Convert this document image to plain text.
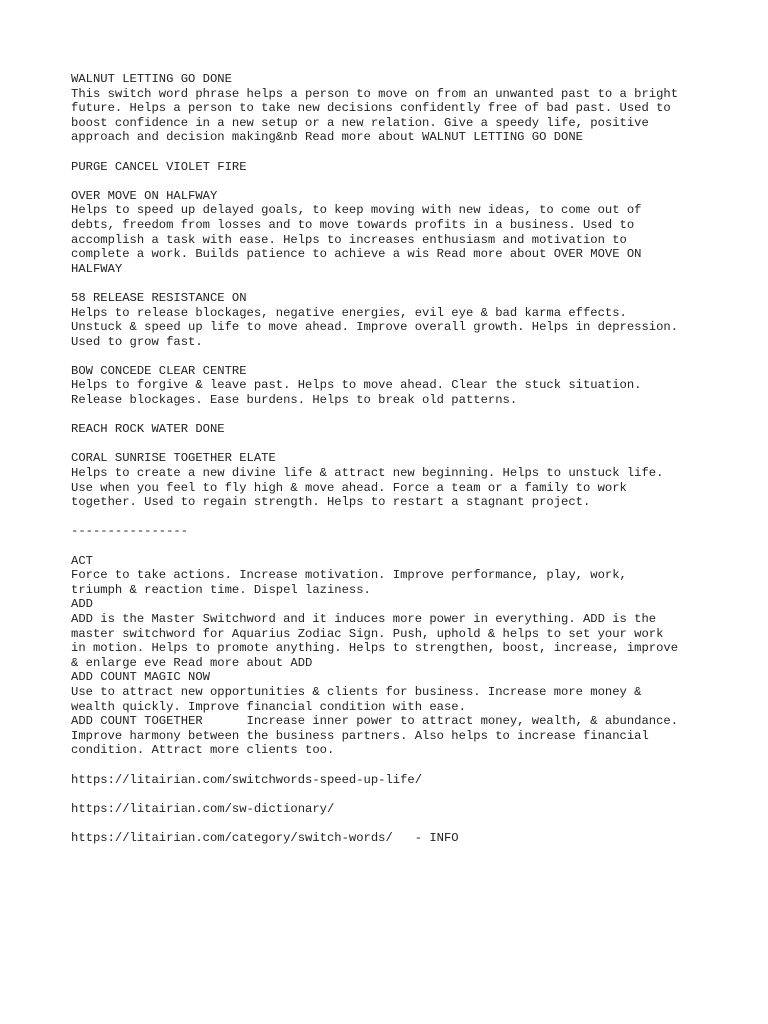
WALNUT LETTING GO DONE
This switch word phrase helps a person to move on from an unwanted past to a bright
future. Helps a person to take new decisions confidently free of bad past. Used to
boost confidence in a new setup or a new relation. Give a speedy life, positive
approach and decision making&nb Read more about WALNUT LETTING GO DONE
PURGE CANCEL VIOLET FIRE
OVER MOVE ON HALFWAY
Helps to speed up delayed goals, to keep moving with new ideas, to come out of
debts, freedom from losses and to move towards profits in a business. Used to
accomplish a task with ease. Helps to increases enthusiasm and motivation to
complete a work. Builds patience to achieve a wis Read more about OVER MOVE ON
HALFWAY
58 RELEASE RESISTANCE ON
Helps to release blockages, negative energies, evil eye & bad karma effects.
Unstuck & speed up life to move ahead. Improve overall growth. Helps in depression.
Used to grow fast.
BOW CONCEDE CLEAR CENTRE
Helps to forgive & leave past. Helps to move ahead. Clear the stuck situation.
Release blockages. Ease burdens. Helps to break old patterns.
REACH ROCK WATER DONE
CORAL SUNRISE TOGETHER ELATE
Helps to create a new divine life & attract new beginning. Helps to unstuck life.
Use when you feel to fly high & move ahead. Force a team or a family to work
together. Used to regain strength. Helps to restart a stagnant project.
----------------
ACT
Force to take actions. Increase motivation. Improve performance, play, work,
triumph & reaction time. Dispel laziness.
ADD
ADD is the Master Switchword and it induces more power in everything. ADD is the
master switchword for Aquarius Zodiac Sign. Push, uphold & helps to set your work
in motion. Helps to promote anything. Helps to strengthen, boost, increase, improve
& enlarge eve Read more about ADD
ADD COUNT MAGIC NOW
Use to attract new opportunities & clients for business. Increase more money &
wealth quickly. Improve financial condition with ease.
ADD COUNT TOGETHER      Increase inner power to attract money, wealth, & abundance.
Improve harmony between the business partners. Also helps to increase financial
condition. Attract more clients too.
https://litairian.com/switchwords-speed-up-life/
https://litairian.com/sw-dictionary/
https://litairian.com/category/switch-words/   - INFO
